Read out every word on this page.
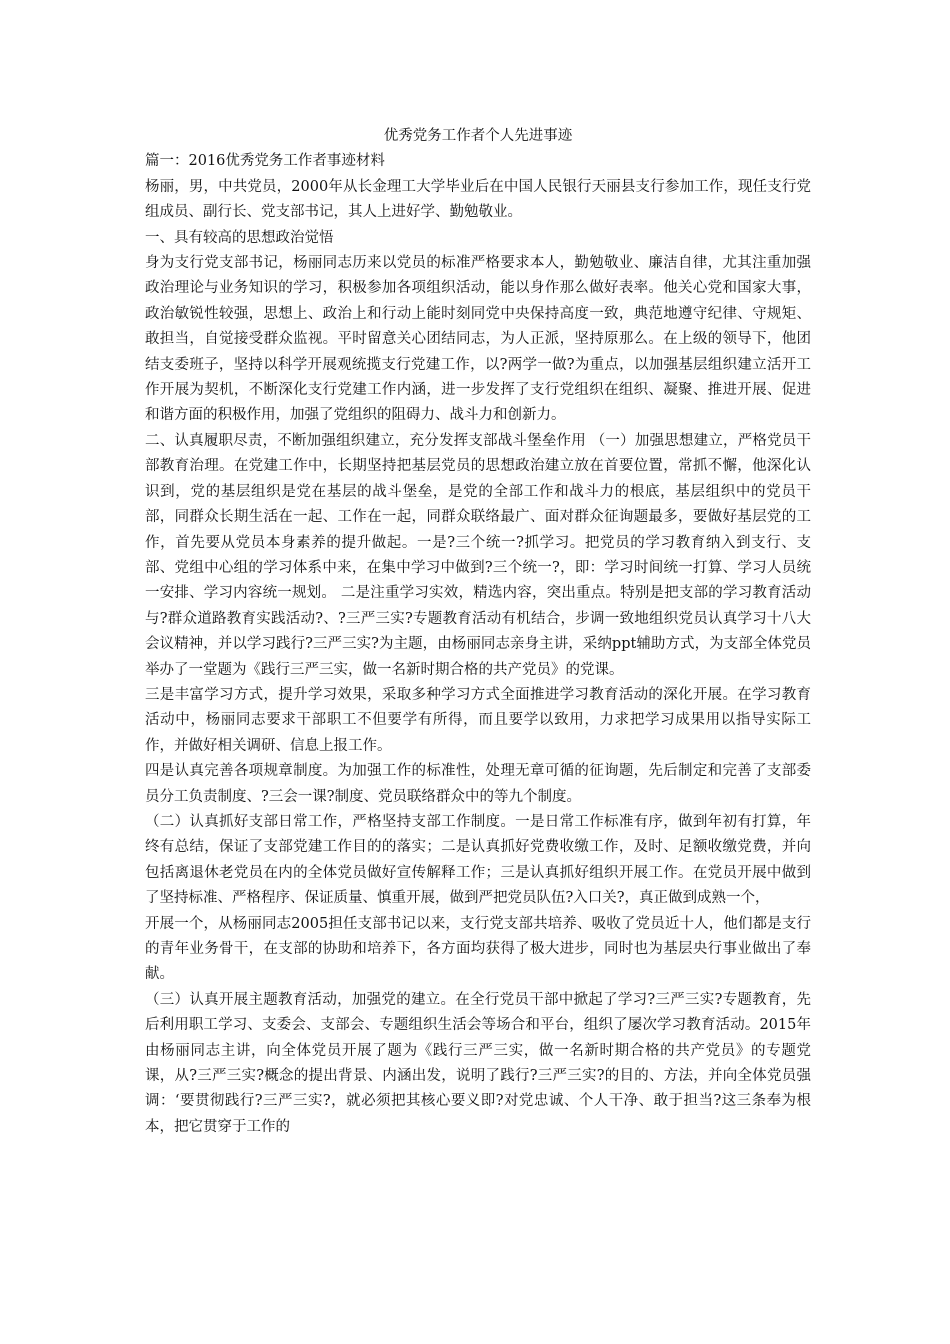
优秀党务工作者个人先进事迹

篇一：2016优秀党务工作者事迹材料

杨丽，男，中共党员，2000年从长金理工大学毕业后在中国人民银行天丽县支行参加工作，现任支行党组成员、副行长、党支部书记，其人上进好学、勤勉敬业。

一、具有较高的思想政治觉悟

身为支行党支部书记，杨丽同志历来以党员的标准严格要求本人，勤勉敬业、廉洁自律，尤其注重加强政治理论与业务知识的学习，积极参加各项组织活动，能以身作那么做好表率。他关心党和国家大事，政治敏锐性较强，思想上、政治上和行动上能时刻同党中央保持高度一致，典范地遵守纪律、守规矩、敢担当，自觉接受群众监视。平时留意关心团结同志，为人正派，坚持原那么。在上级的领导下，他团结支委班子，坚持以科学开展观统揽支行党建工作，以?两学一做?为重点，以加强基层组织建立活开工作开展为契机，不断深化支行党建工作内涵，进一步发挥了支行党组织在组织、凝聚、推进开展、促进和谐方面的积极作用，加强了党组织的阻碍力、战斗力和创新力。

二、认真履职尽责，不断加强组织建立，充分发挥支部战斗堡垒作用 （一）加强思想建立，严格党员干部教育治理。在党建工作中，长期坚持把基层党员的思想政治建立放在首要位置，常抓不懈，他深化认识到，党的基层组织是党在基层的战斗堡垒，是党的全部工作和战斗力的根底，基层组织中的党员干部，同群众长期生活在一起、工作在一起，同群众联络最广、面对群众征询题最多，要做好基层党的工作，首先要从党员本身素养的提升做起。一是?三个统一?抓学习。把党员的学习教育纳入到支行、支部、党组中心组的学习体系中来，在集中学习中做到?三个统一?，即：学习时间统一打算、学习人员统一安排、学习内容统一规划。 二是注重学习实效，精选内容，突出重点。特别是把支部的学习教育活动与?群众道路教育实践活动?、?三严三实?专题教育活动有机结合，步调一致地组织党员认真学习十八大会议精神，并以学习践行?三严三实?为主题，由杨丽同志亲身主讲，采纳ppt辅助方式，为支部全体党员举办了一堂题为《践行三严三实，做一名新时期合格的共产党员》的党课。

三是丰富学习方式，提升学习效果，采取多种学习方式全面推进学习教育活动的深化开展。在学习教育活动中，杨丽同志要求干部职工不但要学有所得，而且要学以致用，力求把学习成果用以指导实际工作，并做好相关调研、信息上报工作。

四是认真完善各项规章制度。为加强工作的标准性，处理无章可循的征询题，先后制定和完善了支部委员分工负责制度、?三会一课?制度、党员联络群众中的等九个制度。

（二）认真抓好支部日常工作，严格坚持支部工作制度。一是日常工作标准有序，做到年初有打算，年终有总结，保证了支部党建工作目的的落实；二是认真抓好党费收缴工作，及时、足额收缴党费，并向包括离退休老党员在内的全体党员做好宣传解释工作；三是认真抓好组织开展工作。在党员开展中做到了坚持标准、严格程序、保证质量、慎重开展，做到严把党员队伍?入口关?，真正做到成熟一个，

开展一个，从杨丽同志2005担任支部书记以来，支行党支部共培养、吸收了党员近十人，他们都是支行的青年业务骨干，在支部的协助和培养下，各方面均获得了极大进步，同时也为基层央行事业做出了奉献。

（三）认真开展主题教育活动，加强党的建立。在全行党员干部中掀起了学习?三严三实?专题教育，先后利用职工学习、支委会、支部会、专题组织生活会等场合和平台，组织了屡次学习教育活动。2015年由杨丽同志主讲，向全体党员开展了题为《践行三严三实，做一名新时期合格的共产党员》的专题党课，从?三严三实?概念的提出背景、内涵出发，说明了践行?三严三实?的目的、方法，并向全体党员强调：‘要贯彻践行?三严三实?，就必须把其核心要义即?对党忠诚、个人干净、敢于担当?这三条奉为根本，把它贯穿于工作的
